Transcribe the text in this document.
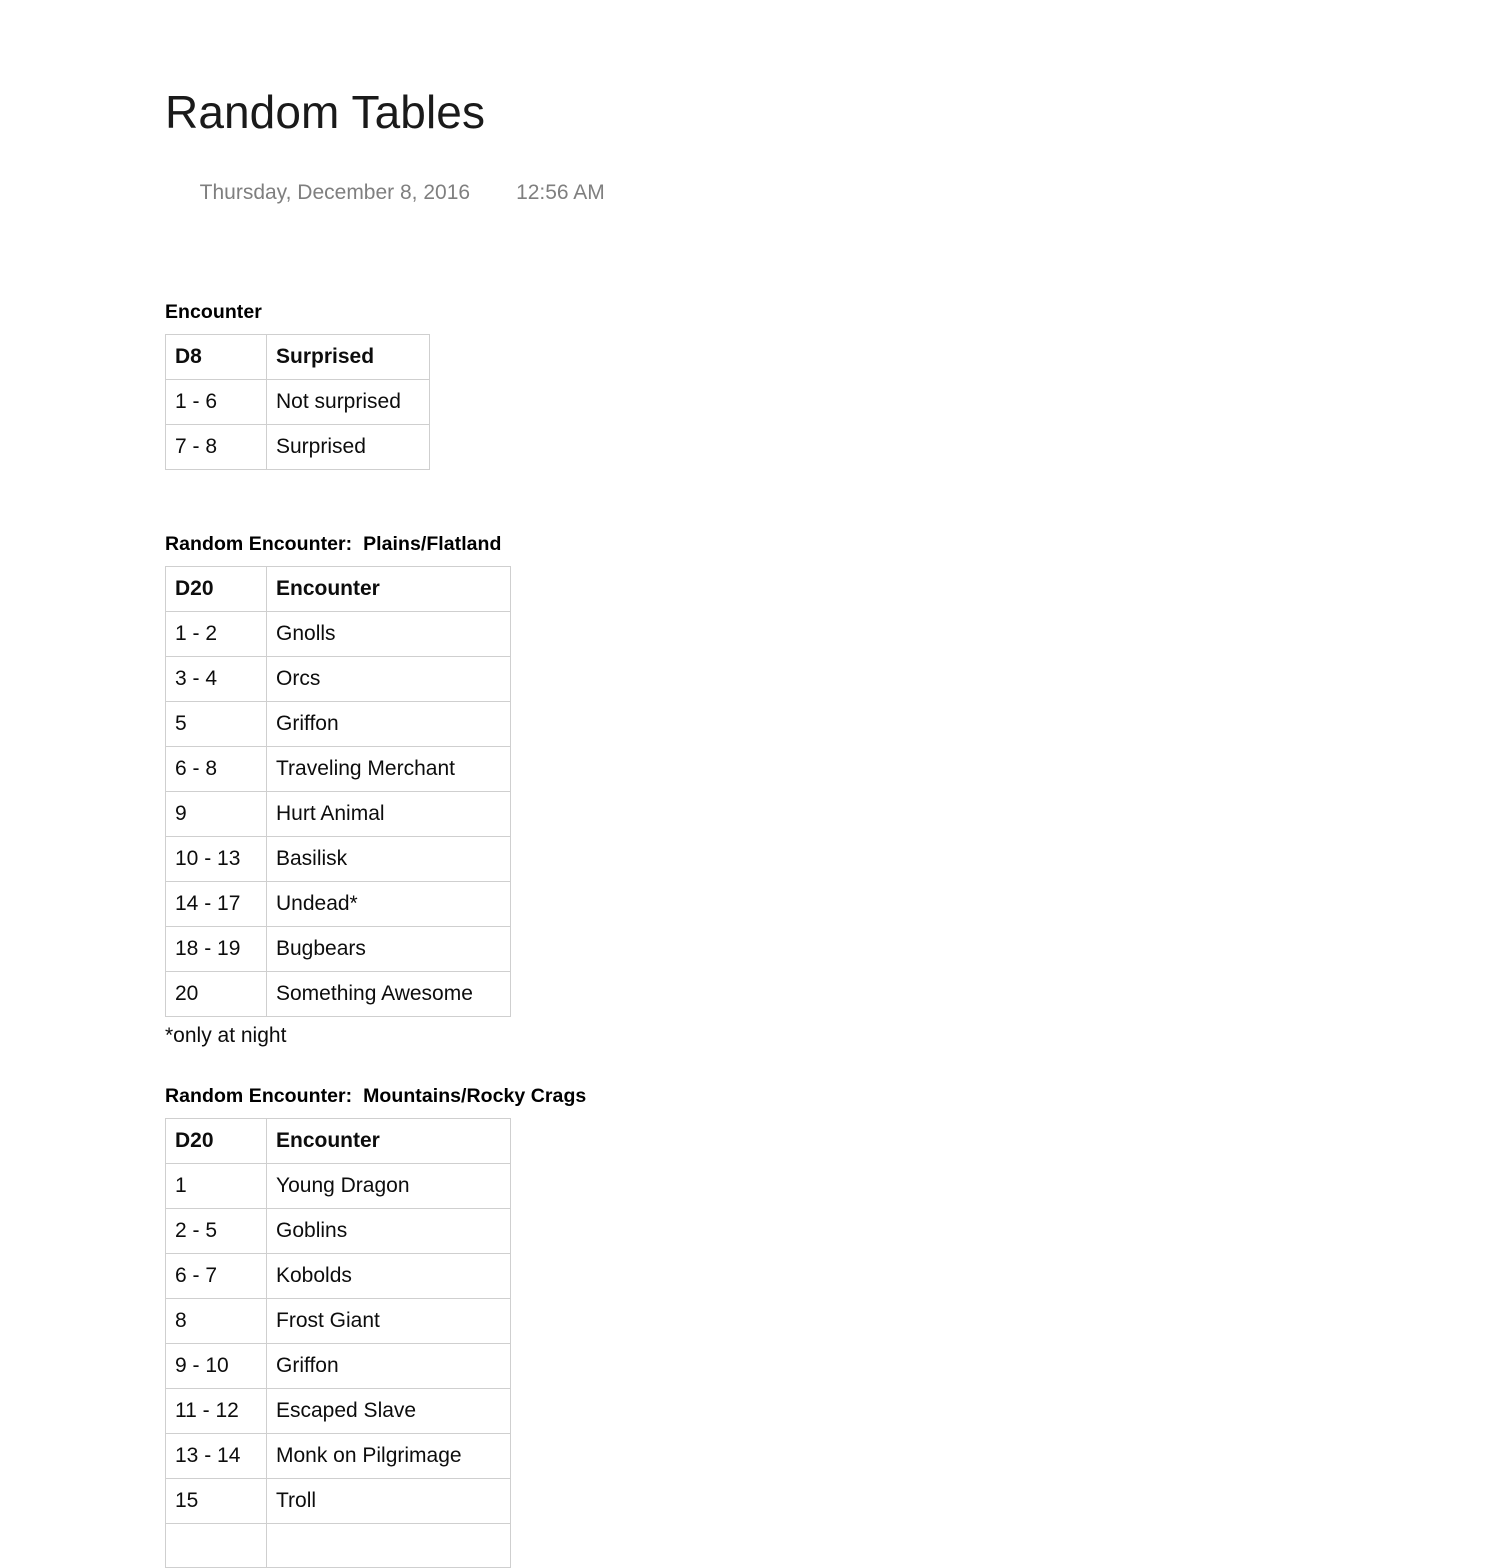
Random Tables

Thursday, December 8, 2016 12:56 AM

Encounter
D8	Surprised
1 - 6	Not surprised
7 - 8	Surprised
Random Encounter:  Plains/Flatland
D20	Encounter
1 - 2	Gnolls
3 - 4	Orcs
5	Griffon
6 - 8	Traveling Merchant
9	Hurt Animal
10 - 13	Basilisk
14 - 17	Undead*
18 - 19	Bugbears
20	Something Awesome
*only at night
Random Encounter:  Mountains/Rocky Crags
D20	Encounter
1	Young Dragon
2 - 5	Goblins
6 - 7	Kobolds
8	Frost Giant
9 - 10	Griffon
11 - 12	Escaped Slave
13 - 14	Monk on Pilgrimage
15	Troll
